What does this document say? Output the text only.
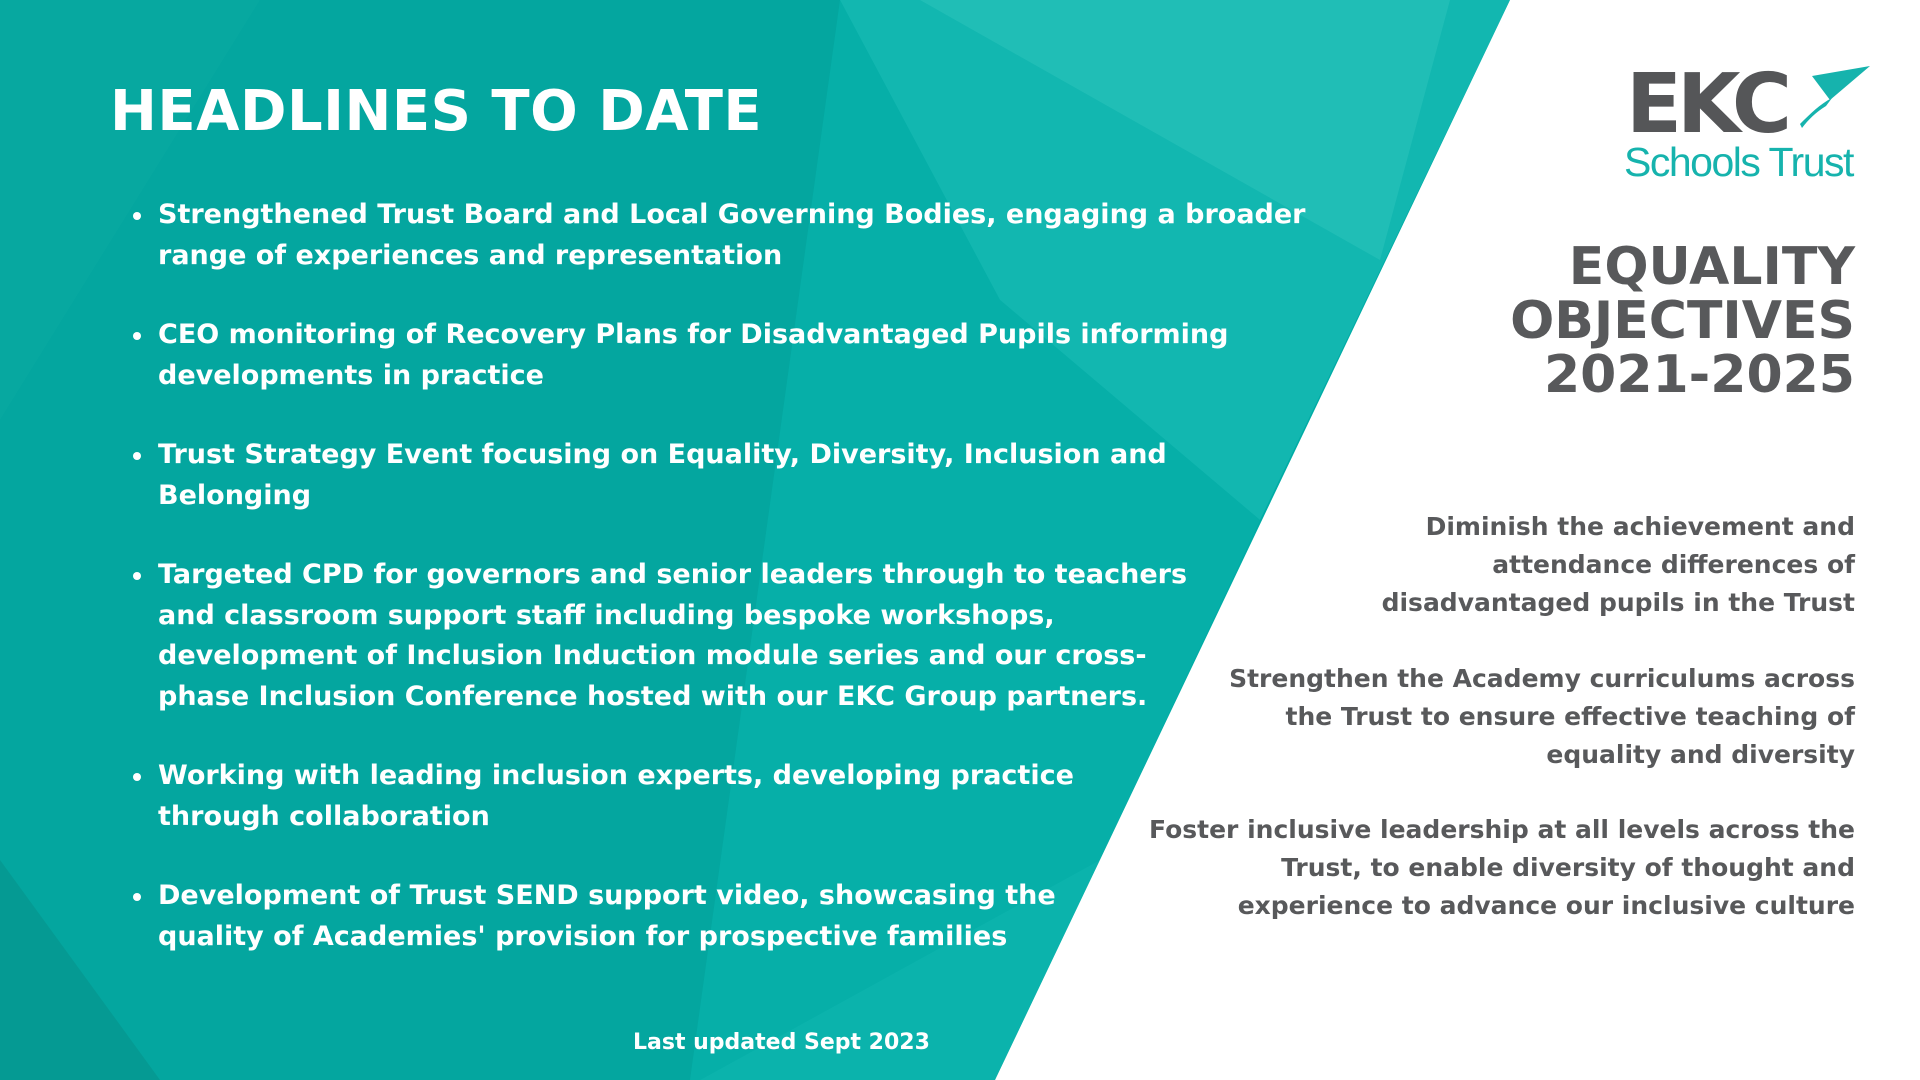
HEADLINES TO DATE
Strengthened Trust Board and Local Governing Bodies, engaging a broader range of experiences and representation
CEO monitoring of Recovery Plans for Disadvantaged Pupils informing developments in practice
Trust Strategy Event focusing on Equality, Diversity, Inclusion and Belonging
Targeted CPD for governors and senior leaders through to teachers and classroom support staff including bespoke workshops, development of Inclusion Induction module series and our cross-phase Inclusion Conference hosted with our EKC Group partners.
Working with leading inclusion experts, developing practice through collaboration
Development of Trust SEND support video, showcasing the quality of Academies' provision for prospective families
Last updated Sept 2023
EKC
Schools Trust
EQUALITY
OBJECTIVES
2021-2025

Diminish the achievement and attendance differences of disadvantaged pupils in the Trust

Strengthen the Academy curriculums across the Trust to ensure effective teaching of equality and diversity

Foster inclusive leadership at all levels across the Trust, to enable diversity of thought and experience to advance our inclusive culture
